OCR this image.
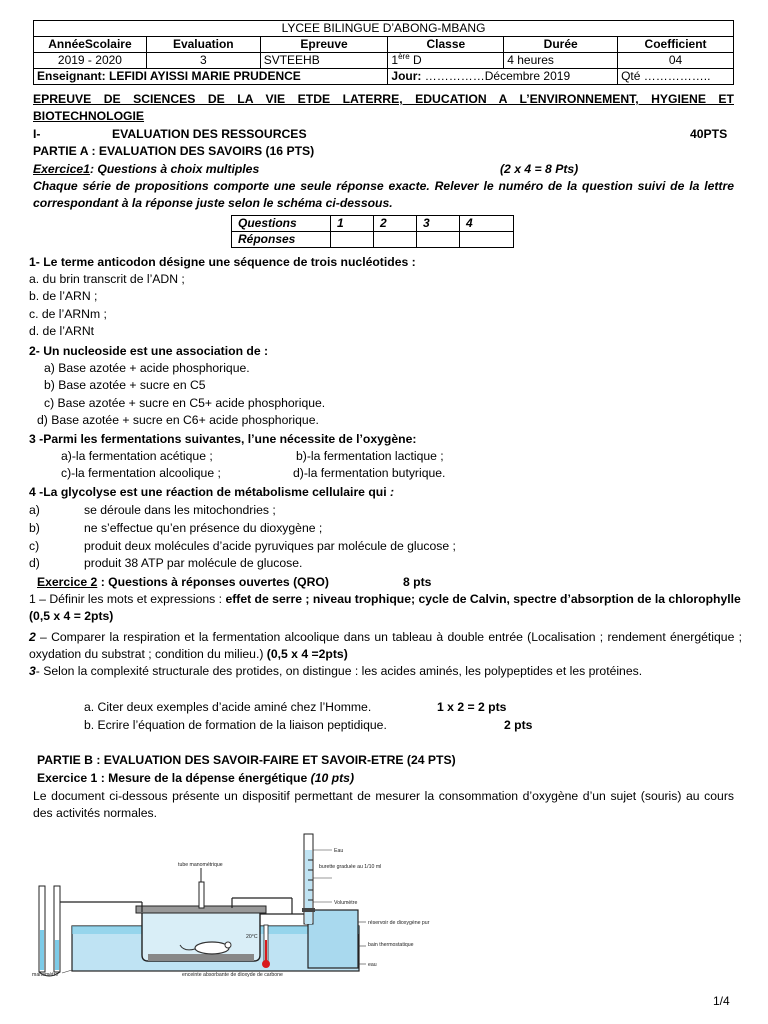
LYCEE BILINGUE D’ABONG-MBANG					
AnnéeScolaire	Evaluation	Epreuve	Classe	Durée	Coefficient
2019 - 2020	3	SVTEEHB	1ère D	4 heures	04
Enseignant: LEFIDI AYISSI MARIE PRUDENCE			Jour: ……………Décembre 2019		Qté ……………..
EPREUVE DE SCIENCES DE LA VIE ETDE LATERRE, EDUCATION A L’ENVIRONNEMENT, HYGIENE ET BIOTECHNOLOGIE
I-	EVALUATION DES RESSOURCES	40PTS
PARTIE A : EVALUATION DES SAVOIRS (16 PTS)
Exercice1: Questions à choix multiples	(2 x 4 = 8 Pts)
Chaque série de propositions comporte une seule réponse exacte. Relever le numéro de la question suivi de la lettre correspondant à la réponse juste selon le schéma ci-dessous.
Questions	1	2	3	4
Réponses				
1- Le terme anticodon désigne une séquence de trois nucléotides :
a. du brin transcrit de l’ADN ;
b. de l’ARN ;
c. de l’ARNm ;
d. de l’ARNt
2- Un nucleoside est une association de :
a) Base azotée + acide phosphorique.
b) Base azotée + sucre en C5
c) Base azotée + sucre en C5+ acide phosphorique.
d) Base azotée + sucre en C6+ acide phosphorique.
3 -Parmi les fermentations suivantes, l’une nécessite de l’oxygène:
a)-la fermentation acétique ;	b)-la fermentation lactique ;
c)-la fermentation alcoolique ;	d)-la fermentation butyrique.
4 -La glycolyse est une réaction de métabolisme cellulaire qui :
a)	se déroule dans les mitochondries ;
b)	ne s’effectue qu’en présence du dioxygène ;
c)	produit deux molécules d’acide pyruviques par molécule de glucose ;
d)	produit 38 ATP par molécule de glucose.
Exercice 2 : Questions à réponses ouvertes (QRO)	8 pts
1 – Définir les mots et expressions : effet de serre ; niveau trophique; cycle de Calvin, spectre d’absorption de la chlorophylle (0,5 x 4 = 2pts)
2 – Comparer la respiration et la fermentation alcoolique dans un tableau à double entrée (Localisation ; rendement énergétique ; oxydation du substrat ; condition du milieu.) (0,5 x 4 =2pts)
3- Selon la complexité structurale des protides, on distingue : les acides aminés, les polypeptides et les protéines.
a. Citer deux exemples d’acide aminé chez l’Homme.	1 x 2 = 2 pts
b. Ecrire l’équation de formation de la liaison peptidique.	2 pts
PARTIE B : EVALUATION DES SAVOIR-FAIRE ET SAVOIR-ETRE (24 PTS)
Exercice 1 : Mesure de la dépense énergétique (10 pts)
Le document ci-dessous présente un dispositif permettant de mesurer la consommation d’oxygène d’un sujet (souris) au cours des activités normales.
Eau
burette graduée au 1/10 ml
tube manométrique
Volumètre
réservoir de dioxygène pur
bain thermostatique
20°C
eau
manomètre	enceinte absorbante de dioxyde de carbone
1/4
